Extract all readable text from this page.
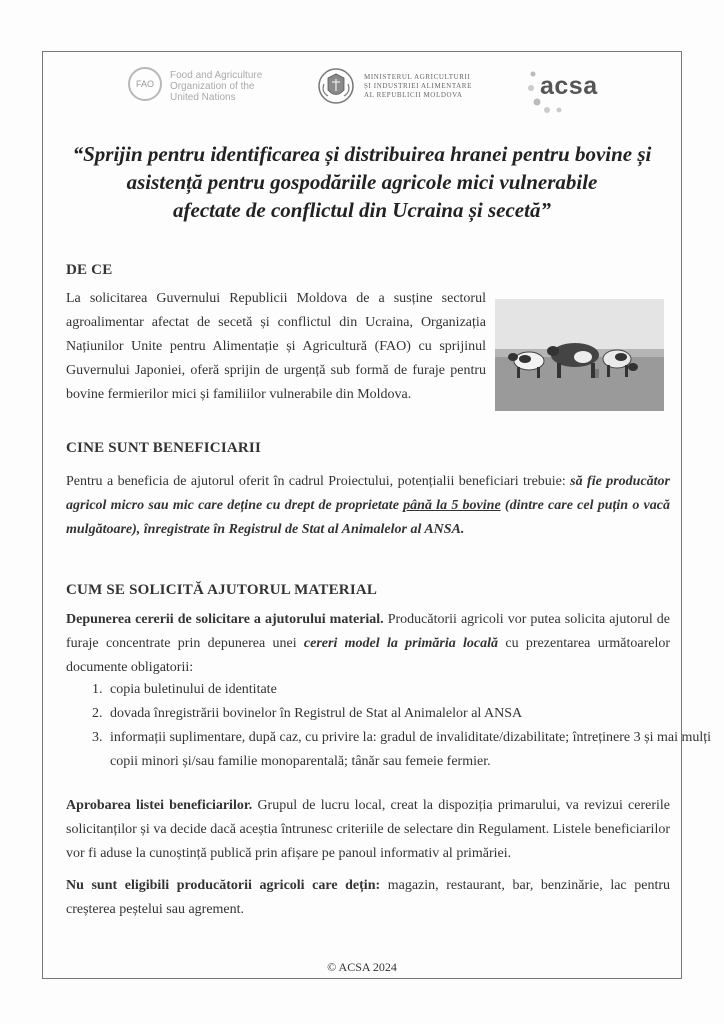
FAO
Food and Agriculture
Organization of the
United Nations
MINISTERUL AGRICULTURII
ȘI INDUSTRIEI ALIMENTARE
AL REPUBLICII MOLDOVA	acsa
“Sprijin pentru identificarea și distribuirea hranei pentru bovine și
asistență pentru gospodăriile agricole mici vulnerabile
afectate de conflictul din Ucraina și secetă”
DE CE
La solicitarea Guvernului Republicii Moldova de a susține sectorul agroalimentar afectat de secetă și conflictul din Ucraina, Organizația Națiunilor Unite pentru Alimentație și Agricultură (FAO) cu sprijinul Guvernului Japoniei, oferă sprijin de urgență sub formă de furaje pentru bovine fermierilor mici și familiilor vulnerabile din Moldova.
CINE SUNT BENEFICIARII
Pentru a beneficia de ajutorul oferit în cadrul Proiectului, potențialii beneficiari trebuie: să fie producător agricol micro sau mic care deține cu drept de proprietate până la 5 bovine (dintre care cel puțin o vacă mulgătoare), înregistrate în Registrul de Stat al Animalelor al ANSA.
CUM SE SOLICITĂ AJUTORUL MATERIAL
Depunerea cererii de solicitare a ajutorului material. Producătorii agricoli vor putea solicita ajutorul de furaje concentrate prin depunerea unei cereri model la primăria locală cu prezentarea următoarelor documente obligatorii:
1. copia buletinului de identitate
2. dovada înregistrării bovinelor în Registrul de Stat al Animalelor al ANSA
3. informații suplimentare, după caz, cu privire la: gradul de invaliditate/dizabilitate; întreținere 3 și mai mulți copii minori și/sau familie monoparentală; tânăr sau femeie fermier.
Aprobarea listei beneficiarilor. Grupul de lucru local, creat la dispoziția primarului, va revizui cererile solicitanților și va decide dacă aceștia întrunesc criteriile de selectare din Regulament. Listele beneficiarilor vor fi aduse la cunoștință publică prin afișare pe panoul informativ al primăriei.
Nu sunt eligibili producătorii agricoli care dețin: magazin, restaurant, bar, benzinărie, lac pentru creșterea peștelui sau agrement.
© ACSA 2024
